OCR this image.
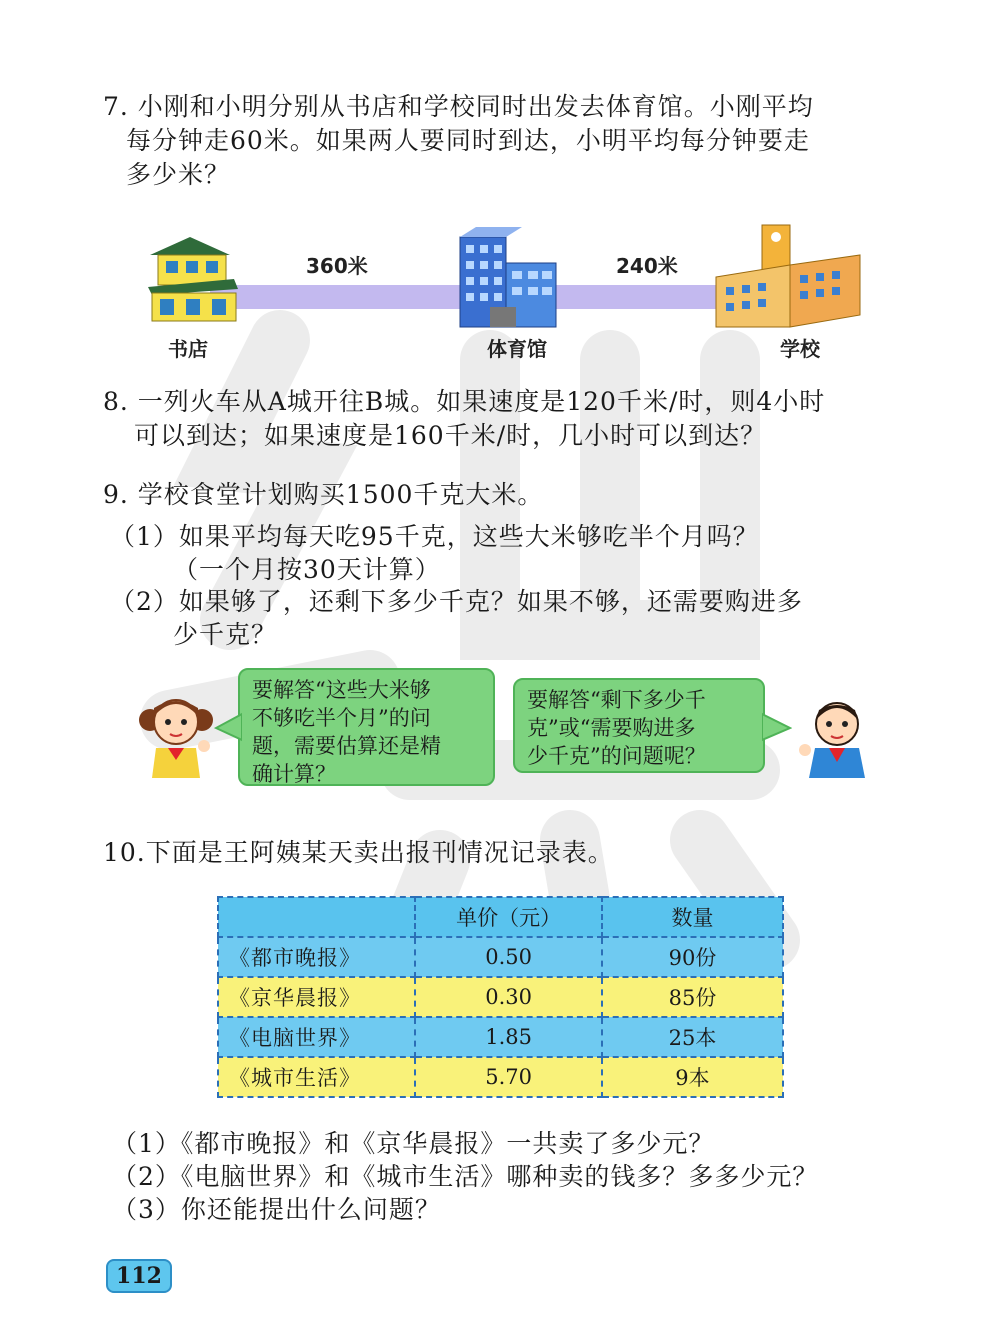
7. 小刚和小明分别从书店和学校同时出发去体育馆。小刚平均
每分钟走60米。如果两人要同时到达，小明平均每分钟要走
多少米？
360米	240米
书店	体育馆	学校
8. 一列火车从A城开往B城。如果速度是120千米/时，则4小时
可以到达；如果速度是160千米/时，几小时可以到达？
9. 学校食堂计划购买1500千克大米。
（1）如果平均每天吃95千克，这些大米够吃半个月吗？
（一个月按30天计算）
（2）如果够了，还剩下多少千克？如果不够，还需要购进多
少千克？
要解答“这些大米够
不够吃半个月”的问
题，需要估算还是精
确计算？
要解答“剩下多少千
克”或“需要购进多
少千克”的问题呢？
10.下面是王阿姨某天卖出报刊情况记录表。
	单价（元）	数量
《都市晚报》	0.50	90份
《京华晨报》	0.30	85份
《电脑世界》	1.85	25本
《城市生活》	5.70	9本
（1）《都市晚报》和《京华晨报》一共卖了多少元？
（2）《电脑世界》和《城市生活》哪种卖的钱多？多多少元？
（3）你还能提出什么问题？
112
